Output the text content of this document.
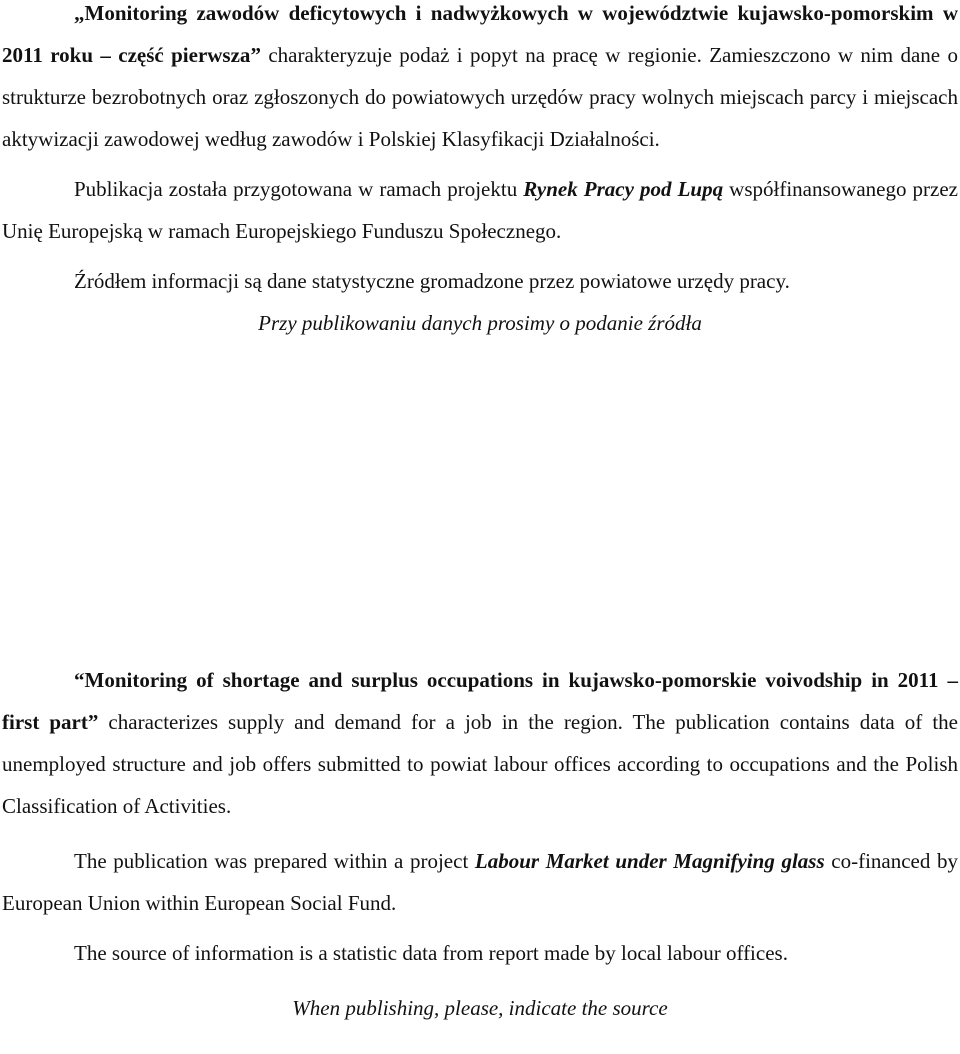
„Monitoring zawodów deficytowych i nadwyżkowych w województwie kujawsko-pomorskim w 2011 roku – część pierwsza” charakteryzuje podaż i popyt na pracę w regionie. Zamieszczono w nim dane o strukturze bezrobotnych oraz zgłoszonych do powiatowych urzędów pracy wolnych miejscach parcy i miejscach aktywizacji zawodowej według zawodów i Polskiej Klasyfikacji Działalności.

Publikacja została przygotowana w ramach projektu Rynek Pracy pod Lupą współfinansowanego przez Unię Europejską w ramach Europejskiego Funduszu Społecznego.

Źródłem informacji są dane statystyczne gromadzone przez powiatowe urzędy pracy.

Przy publikowaniu danych prosimy o podanie źródła

“Monitoring of shortage and surplus occupations in kujawsko-pomorskie voivodship in 2011 – first part” characterizes supply and demand for a job in the region. The publication contains data of the unemployed structure and job offers submitted to powiat labour offices according to occupations and the Polish Classification of Activities.

The publication was prepared within a project Labour Market under Magnifying glass co-financed by European Union within European Social Fund.

The source of information is a statistic data from report made by local labour offices.

When publishing, please, indicate the source
